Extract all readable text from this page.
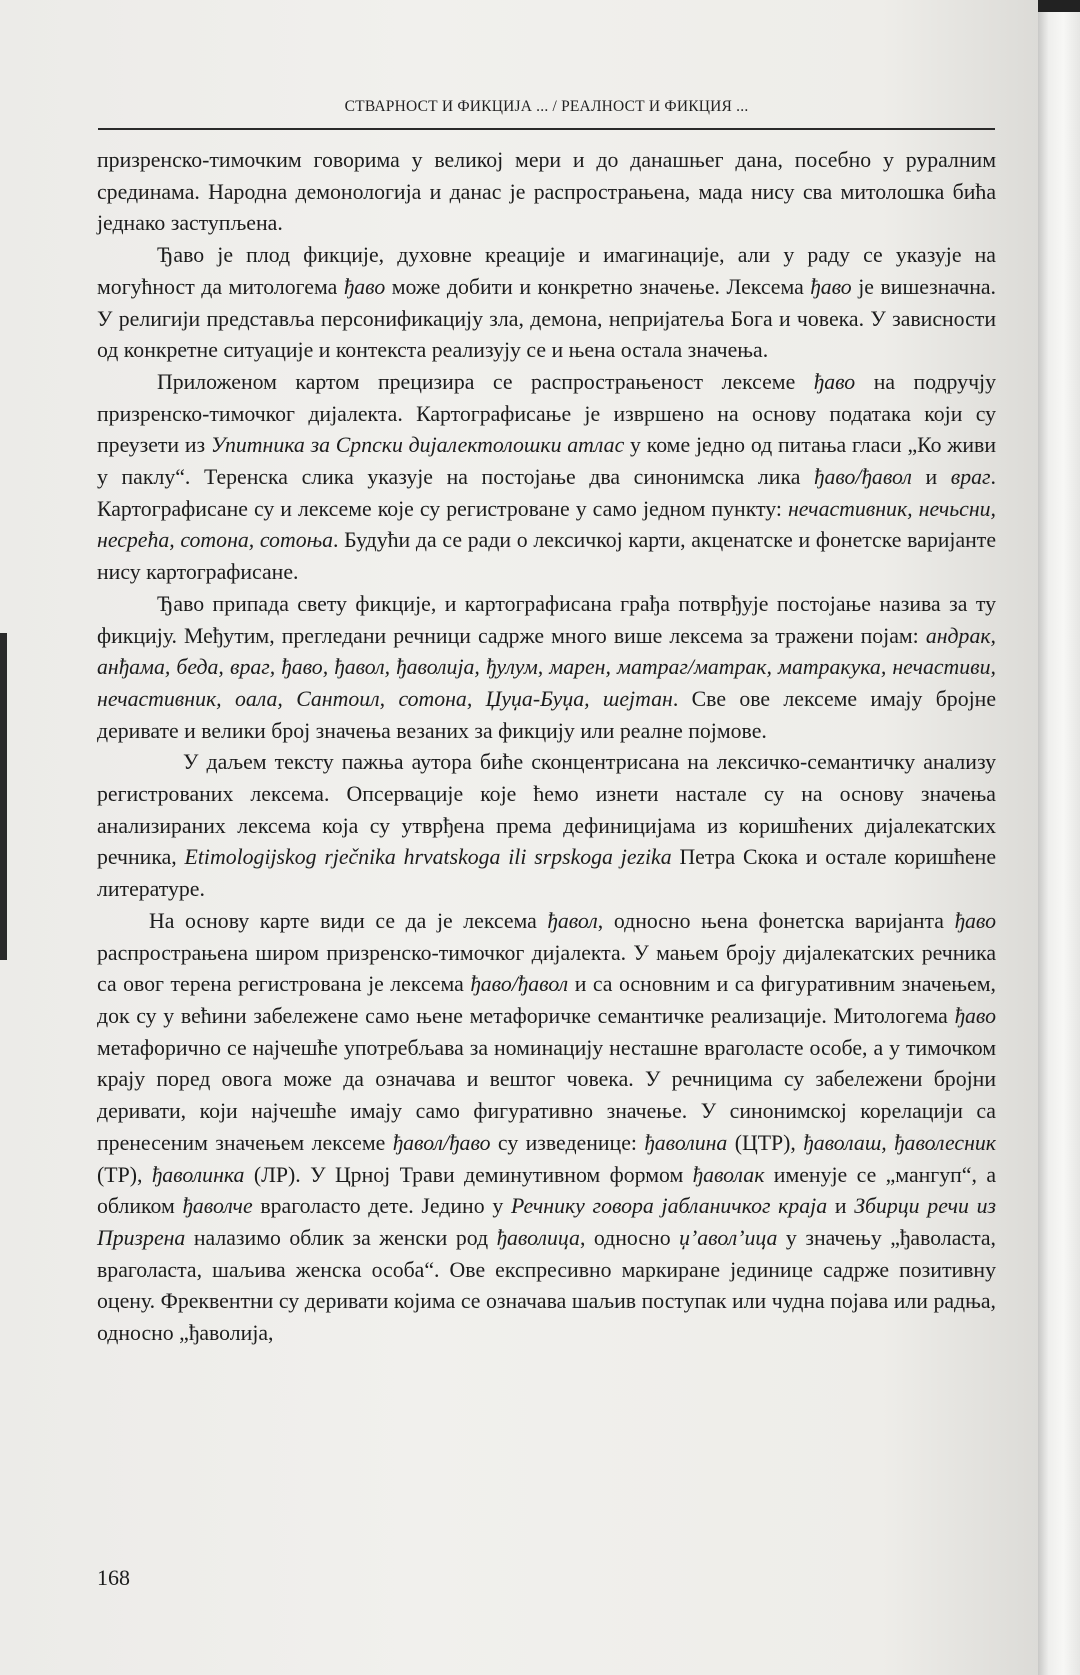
СТВАРНОСТ И ФИКЦИЈА ... / РЕАЛНОСТ И ФИКЦИЯ ...

призренско-тимочким говорима у великој мери и до данашњег дана, посебно у руралним срединама. Народна демонологија и данас је распрострањена, мада нису сва митолошка бића једнако заступљена.

Ђаво је плод фикције, духовне креације и имагинације, али у раду се указује на могућност да митологема ђаво може добити и конкретно значење. Лексема ђаво је вишезначна. У религији представља персонификацију зла, демона, непријатеља Бога и човека. У зависности од конкретне ситуације и контекста реализују се и њена остала значења.

Приложеном картом прецизира се распрострањеност лексеме ђаво на подручју призренско-тимочког дијалекта. Картографисање је извршено на основу података који су преузети из Упитника за Српски дијалектолошки атлас у коме једно од питања гласи „Ко живи у паклу“. Теренска слика указује на постојање два синонимска лика ђаво/ђавол и враг. Картографисане су и лексеме које су регистроване у само једном пункту: нечастивник, нечьсни, несрећа, сотона, сотоња. Будући да се ради о лексичкој карти, акценатске и фонетске варијанте нису картографисане.

Ђаво припада свету фикције, и картографисана грађа потврђује постојање назива за ту фикцију. Међутим, прегледани речници садрже много више лексема за тражени појам: андрак, анђама, беда, враг, ђаво, ђавол, ђаволија, ђулум, марен, матраг/матрак, матракука, нечастиви, нечастивник, оала, Сантоил, сотона, Џуџа-Буџа, шејтан. Све ове лексеме имају бројне деривате и велики број значења везаних за фикцију или реалне појмове.

У даљем тексту пажња аутора биће сконцентрисана на лексичко-семантичку анализу регистрованих лексема. Опсервације које ћемо изнети настале су на основу значења анализираних лексема која су утврђена према дефиницијама из коришћених дијалекатских речника, Etimologijskog rječnika hrvatskoga ili srpskoga jezika Петра Скока и остале коришћене литературе.

На основу карте види се да је лексема ђавол, односно њена фонетска варијанта ђаво распрострањена широм призренско-тимочког дијалекта. У мањем броју дијалекатских речника са овог терена регистрована је лексема ђаво/ђавол и са основним и са фигуративним значењем, док су у већини забележене само њене метафоричке семантичке реализације. Митологема ђаво метафорично се најчешће употребљава за номинацију несташне враголасте особе, а у тимочком крају поред овога може да означава и вештог човека. У речницима су забележени бројни деривати, који најчешће имају само фигуративно значење. У синонимској корелацији са пренесеним значењем лексеме ђавол/ђаво су изведенице: ђаволина (ЦТР), ђаволаш, ђаволесник (ТР), ђаволинка (ЛР). У Црној Трави деминутивном формом ђаволак именује се „мангуп“, а обликом ђаволче враголасто дете. Једино у Речнику говора јабланичког краја и Збирци речи из Призрена налазимо облик за женски род ђаволица, односно џ’авол’ица у значењу „ђаволаста, враголаста, шаљива женска особа“. Ове експресивно маркиране јединице садрже позитивну оцену. Фреквентни су деривати којима се означава шаљив поступак или чудна појава или радња, односно „ђаволија,

168
